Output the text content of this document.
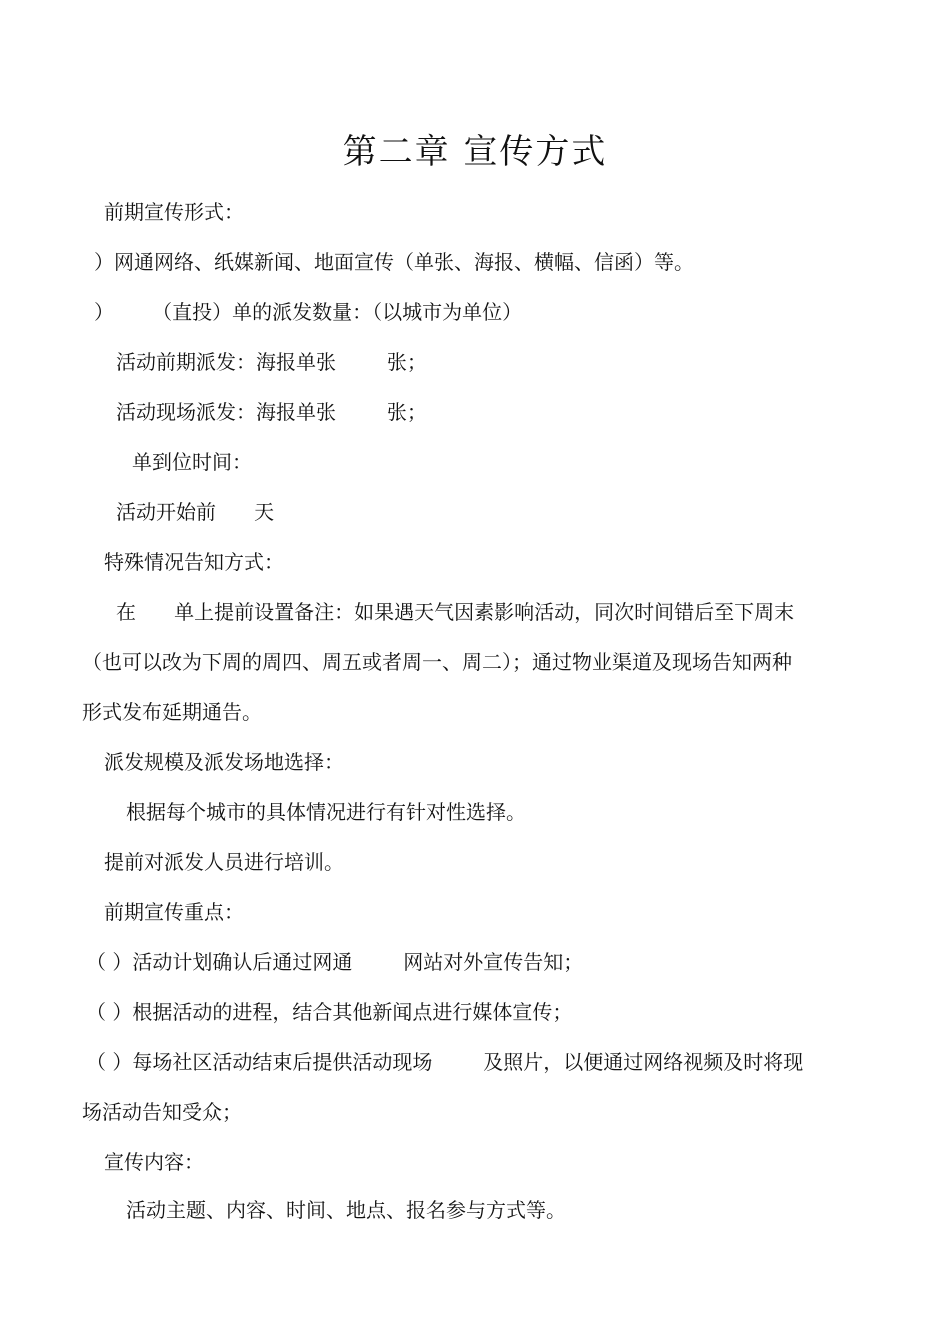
第二章 宣传方式
前期宣传形式：
）网通网络、纸媒新闻、地面宣传（单张、海报、横幅、信函）等。
）      （直投）单的派发数量：（以城市为单位）
活动前期派发：海报单张        张；
活动现场派发：海报单张        张；
单到位时间：
活动开始前      天
特殊情况告知方式：
在      单上提前设置备注：如果遇天气因素影响活动，同次时间错后至下周末
（也可以改为下周的周四、周五或者周一、周二）；通过物业渠道及现场告知两种
形式发布延期通告。
派发规模及派发场地选择：
根据每个城市的具体情况进行有针对性选择。
提前对派发人员进行培训。
前期宣传重点：
（ ）活动计划确认后通过网通        网站对外宣传告知；
（ ）根据活动的进程，结合其他新闻点进行媒体宣传；
（ ）每场社区活动结束后提供活动现场        及照片，以便通过网络视频及时将现
场活动告知受众；
宣传内容：
活动主题、内容、时间、地点、报名参与方式等。
